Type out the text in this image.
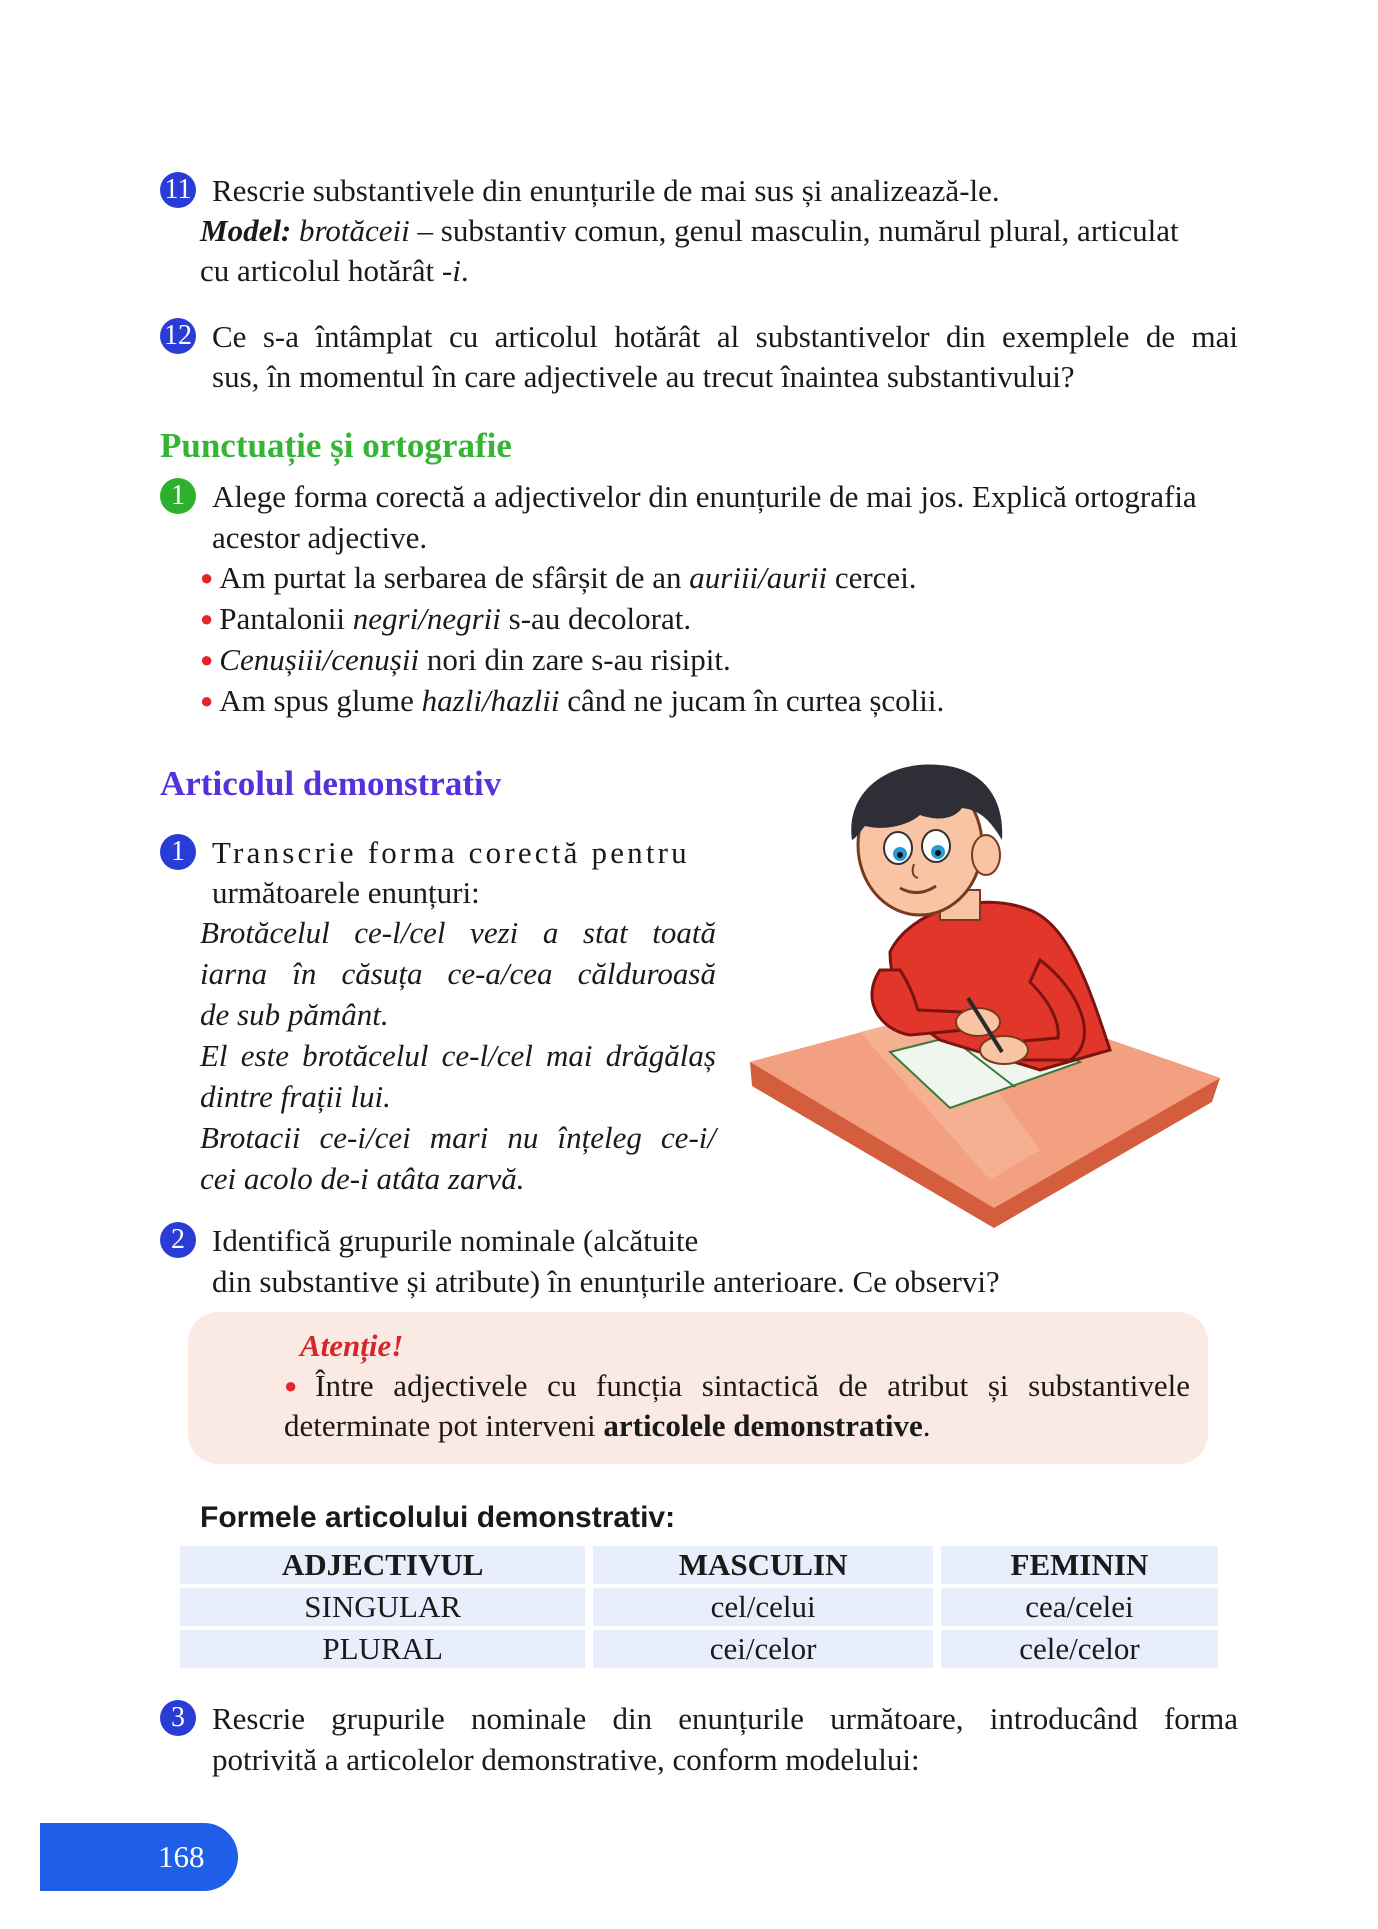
11 Rescrie substantivele din enunțurile de mai sus și analizează-le.
Model: brotăceii – substantiv comun, genul masculin, numărul plural, articulat
cu articolul hotărât -i.
12 Ce s-a întâmplat cu articolul hotărât al substantivelor din exemplele de mai
sus, în momentul în care adjectivele au trecut înaintea substantivului?
Punctuație și ortografie
1 Alege forma corectă a adjectivelor din enunțurile de mai jos. Explică ortografia
acestor adjective.
● Am purtat la serbarea de sfârșit de an auriii/aurii cercei.
● Pantalonii negri/negrii s-au decolorat.
● Cenușiii/cenușii nori din zare s-au risipit.
● Am spus glume hazli/hazlii când ne jucam în curtea școlii.
Articolul demonstrativ
1 Transcrie forma corectă pentru
următoarele enunțuri:
Brotăcelul ce-l/cel vezi a stat toată
iarna în căsuța ce-a/cea călduroasă
de sub pământ.
El este brotăcelul ce-l/cel mai drăgălaș
dintre frații lui.
Brotacii ce-i/cei mari nu înțeleg ce-i/
cei acolo de-i atâta zarvă.
2 Identifică grupurile nominale (alcătuite
din substantive și atribute) în enunțurile anterioare. Ce observi?
Atenție!
● Între adjectivele cu funcția sintactică de atribut și substantivele
determinate pot interveni articolele demonstrative.
Formele articolului demonstrativ:
ADJECTIVUL	MASCULIN	FEMININ
SINGULAR	cel/celui	cea/celei
PLURAL	cei/celor	cele/celor
3 Rescrie grupurile nominale din enunțurile următoare, introducând forma
potrivită a articolelor demonstrative, conform modelului:
168
